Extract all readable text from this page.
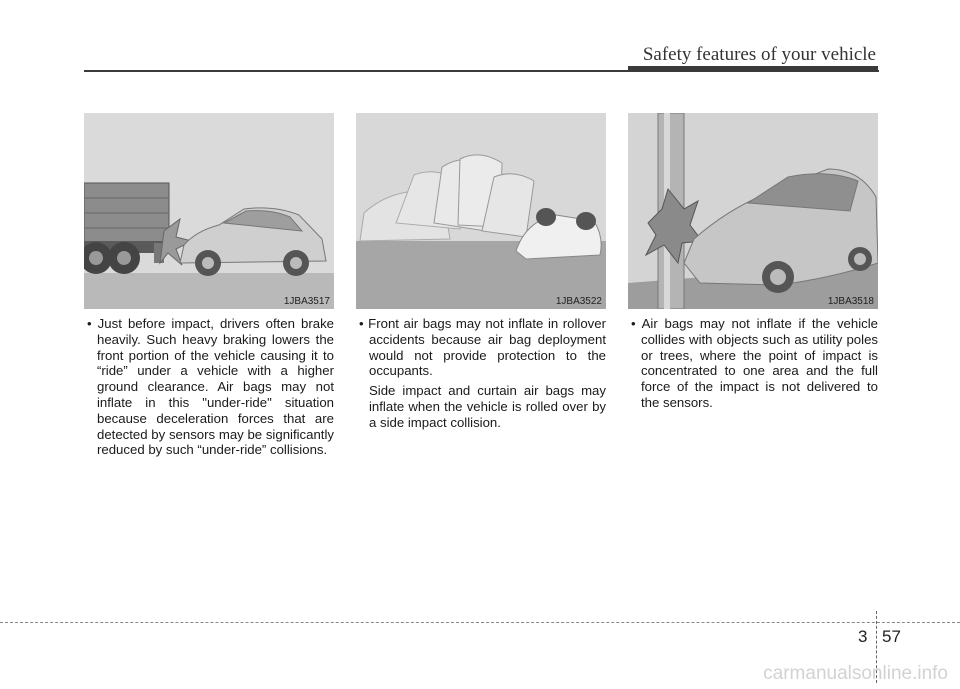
Safety features of your vehicle
1JBA3517	1JBA3522	1JBA3518

• Just before impact, drivers often brake heavily. Such heavy braking lowers the front portion of the vehicle causing it to “ride” under a vehicle with a higher ground clearance. Air bags may not inflate in this "under-ride" situation because deceleration forces that are detected by sensors may be significantly reduced by such “under-ride” collisions.

• Front air bags may not inflate in rollover accidents because air bag deployment would not provide protection to the occupants.

Side impact and curtain air bags may inflate when the vehicle is rolled over by a side impact collision.

• Air bags may not inflate if the vehicle collides with objects such as utility poles or trees, where the point of impact is concentrated to one area and the full force of the impact is not delivered to the sensors.

3 57
carmanualsonline.info
